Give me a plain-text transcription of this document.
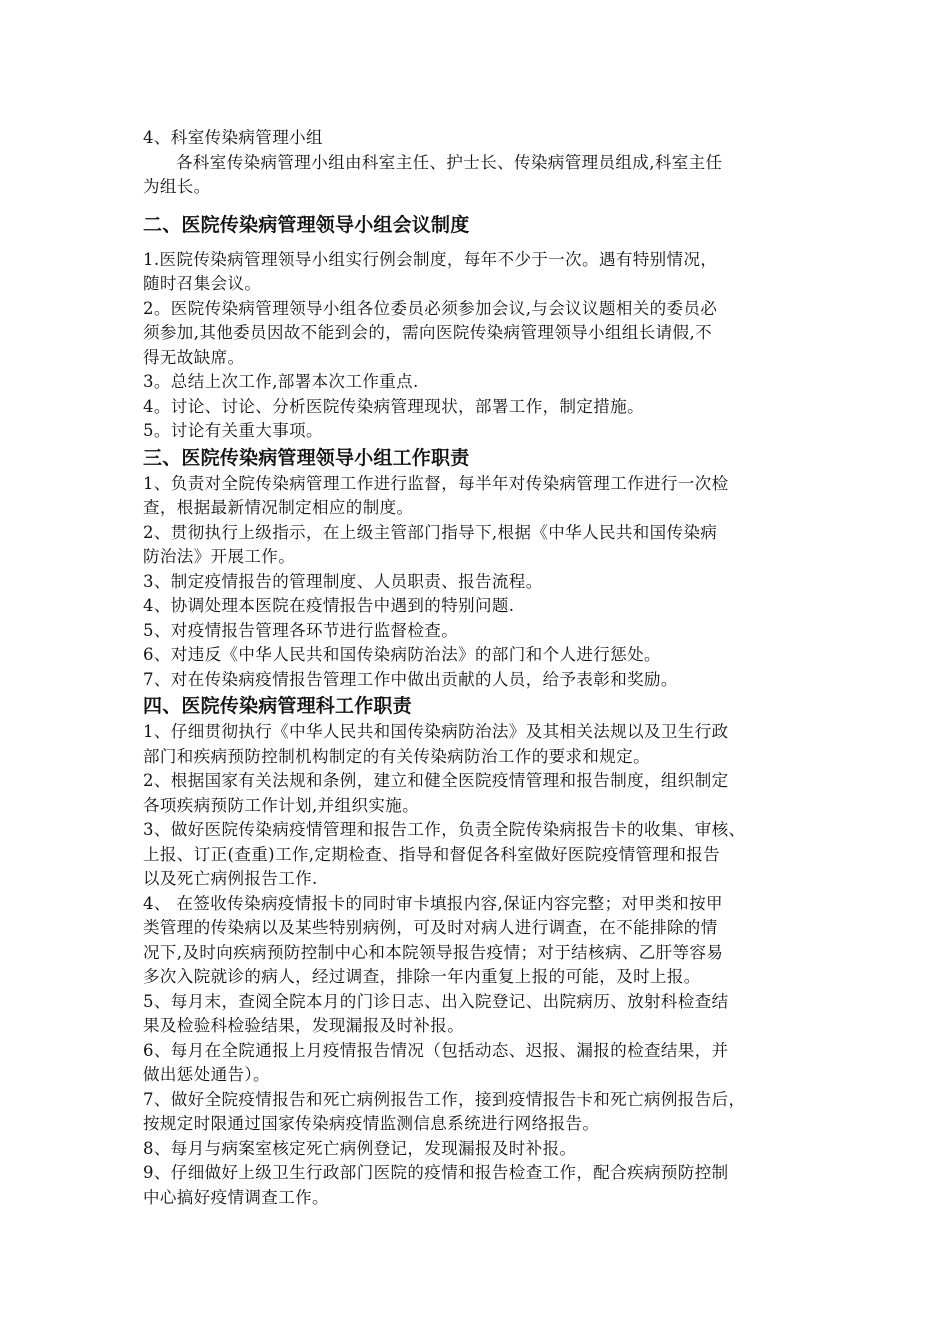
4、科室传染病管理小组
各科室传染病管理小组由科室主任、护士长、传染病管理员组成,科室主任
为组长。
二、医院传染病管理领导小组会议制度
1.医院传染病管理领导小组实行例会制度，每年不少于一次。遇有特别情况，
随时召集会议。
2。医院传染病管理领导小组各位委员必须参加会议,与会议议题相关的委员必
须参加,其他委员因故不能到会的，需向医院传染病管理领导小组组长请假,不
得无故缺席。
3。总结上次工作,部署本次工作重点.
4。讨论、讨论、分析医院传染病管理现状，部署工作，制定措施。
5。讨论有关重大事项。
三、医院传染病管理领导小组工作职责
1、负责对全院传染病管理工作进行监督，每半年对传染病管理工作进行一次检
查，根据最新情况制定相应的制度。
2、贯彻执行上级指示，在上级主管部门指导下,根据《中华人民共和国传染病
防治法》开展工作。
3、制定疫情报告的管理制度、人员职责、报告流程。
4、协调处理本医院在疫情报告中遇到的特别问题.
5、对疫情报告管理各环节进行监督检查。
6、对违反《中华人民共和国传染病防治法》的部门和个人进行惩处。
7、对在传染病疫情报告管理工作中做出贡献的人员，给予表彰和奖励。
四、医院传染病管理科工作职责
1、仔细贯彻执行《中华人民共和国传染病防治法》及其相关法规以及卫生行政
部门和疾病预防控制机构制定的有关传染病防治工作的要求和规定。
2、根据国家有关法规和条例，建立和健全医院疫情管理和报告制度，组织制定
各项疾病预防工作计划,并组织实施。
3、做好医院传染病疫情管理和报告工作，负责全院传染病报告卡的收集、审核、
上报、订正(查重)工作,定期检查、指导和督促各科室做好医院疫情管理和报告
以及死亡病例报告工作.
4、 在签收传染病疫情报卡的同时审卡填报内容,保证内容完整；对甲类和按甲
类管理的传染病以及某些特别病例，可及时对病人进行调查，在不能排除的情
况下,及时向疾病预防控制中心和本院领导报告疫情；对于结核病、乙肝等容易
多次入院就诊的病人，经过调查，排除一年内重复上报的可能，及时上报。
5、每月末，查阅全院本月的门诊日志、出入院登记、出院病历、放射科检查结
果及检验科检验结果，发现漏报及时补报。
6、每月在全院通报上月疫情报告情况（包括动态、迟报、漏报的检查结果，并
做出惩处通告）。
7、做好全院疫情报告和死亡病例报告工作，接到疫情报告卡和死亡病例报告后，
按规定时限通过国家传染病疫情监测信息系统进行网络报告。
8、每月与病案室核定死亡病例登记，发现漏报及时补报。
9、仔细做好上级卫生行政部门医院的疫情和报告检查工作，配合疾病预防控制
中心搞好疫情调查工作。
